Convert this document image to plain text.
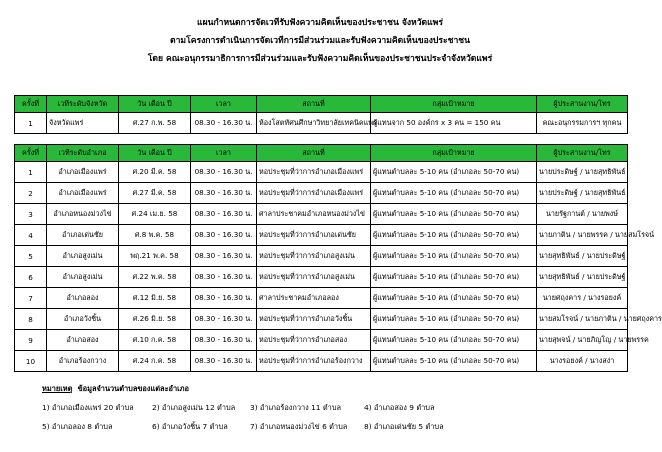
แผนกำหนดการจัดเวทีรับฟังความคิดเห็นของประชาชน จังหวัดแพร่
ตามโครงการดำเนินการจัดเวทีการมีส่วนร่วมและรับฟังความคิดเห็นของประชาชน
โดย คณะอนุกรรมาธิการการมีส่วนร่วมและรับฟังความคิดเห็นของประชาชนประจำจังหวัดแพร่
ครั้งที่	เวทีระดับจังหวัด	วัน เดือน ปี	เวลา	สถานที่	กลุ่มเป้าหมาย	ผู้ประสานงาน/โทร
1	จังหวัดแพร่	ศ.27 ก.พ. 58	08.30 - 16.30 น.	ห้องโสตทัศนศึกษาวิทยาลัยเทคนิคแพร่	ผู้แทนจาก 50 องค์กร x 3 คน = 150 คน	คณะอนุกรรมการฯ ทุกคน

ครั้งที่	เวทีระดับอำเภอ	วัน เดือน ปี	เวลา	สถานที่	กลุ่มเป้าหมาย	ผู้ประสานงาน/โทร
1	อำเภอเมืองแพร่	ศ.20 มี.ค. 58	08.30 - 16.30 น.	หอประชุมที่ว่าการอำเภอเมืองแพร่	ผู้แทนตำบลละ 5-10 คน (อำเภอละ 50-70 คน)	นายประดิษฐ์ / นายสุทธิพันธ์
2	อำเภอเมืองแพร่	ศ.27 มี.ค. 58	08.30 - 16.30 น.	หอประชุมที่ว่าการอำเภอเมืองแพร่	ผู้แทนตำบลละ 5-10 คน (อำเภอละ 50-70 คน)	นายประดิษฐ์ / นายสุทธิพันธ์
3	อำเภอหนองม่วงไข่	ศ.24 เม.ย. 58	08.30 - 16.30 น.	ศาลาประชาคมอำเภอหนองม่วงไข่	ผู้แทนตำบลละ 5-10 คน (อำเภอละ 50-70 คน)	นายรัฐกานต์ / นายพงษ์
4	อำเภอเด่นชัย	ศ.8 พ.ค. 58	08.30 - 16.30 น.	หอประชุมที่ว่าการอำเภอเด่นชัย	ผู้แทนตำบลละ 5-10 คน (อำเภอละ 50-70 คน)	นายภาติน / นายพรรค / นายสมโรจน์
5	อำเภอสูงเม่น	พฤ.21 พ.ค. 58	08.30 - 16.30 น.	หอประชุมที่ว่าการอำเภอสูงเม่น	ผู้แทนตำบลละ 5-10 คน (อำเภอละ 50-70 คน)	นายสุทธิพันธ์ / นายประดิษฐ์
6	อำเภอสูงเม่น	ศ.22 พ.ค. 58	08.30 - 16.30 น.	หอประชุมที่ว่าการอำเภอสูงเม่น	ผู้แทนตำบลละ 5-10 คน (อำเภอละ 50-70 คน)	นายสุทธิพันธ์ / นายประดิษฐ์
7	อำเภอลอง	ศ.12 มิ.ย. 58	08.30 - 16.30 น.	ศาลาประชาคมอำเภอลอง	ผู้แทนตำบลละ 5-10 คน (อำเภอละ 50-70 คน)	นายศฤงคาร / นางรอยงค์
8	อำเภอวังชิ้น	ศ.26 มิ.ย. 58	08.30 - 16.30 น.	หอประชุมที่ว่าการอำเภอวังชิ้น	ผู้แทนตำบลละ 5-10 คน (อำเภอละ 50-70 คน)	นายสมโรจน์ / นายภาติน / นายศฤงคาร
9	อำเภอสอง	ศ.10 ก.ค. 58	08.30 - 16.30 น.	หอประชุมที่ว่าการอำเภอสอง	ผู้แทนตำบลละ 5-10 คน (อำเภอละ 50-70 คน)	นายสุพจน์ / นายภิญโญ / นายพรรค
10	อำเภอร้องกวาง	ศ.24 ก.ค. 58	08.30 - 16.30 น.	หอประชุมที่ว่าการอำเภอร้องกวาง	ผู้แทนตำบลละ 5-10 คน (อำเภอละ 50-70 คน)	นางรอยงค์ / นางสง่า
หมายเหตุ ข้อมูลจำนวนตำบลของแต่ละอำเภอ
1) อำเภอเมืองแพร่ 20 ตำบล 2) อำเภอสูงเม่น 12 ตำบล 3) อำเภอร้องกวาง 11 ตำบล	4) อำเภอสอง 9 ตำบล
5) อำเภอลอง 8 ตำบล	6) อำเภอวังชิ้น 7 ตำบล	7) อำเภอหนองม่วงไข่ 6 ตำบล 8) อำเภอเด่นชัย 5 ตำบล
